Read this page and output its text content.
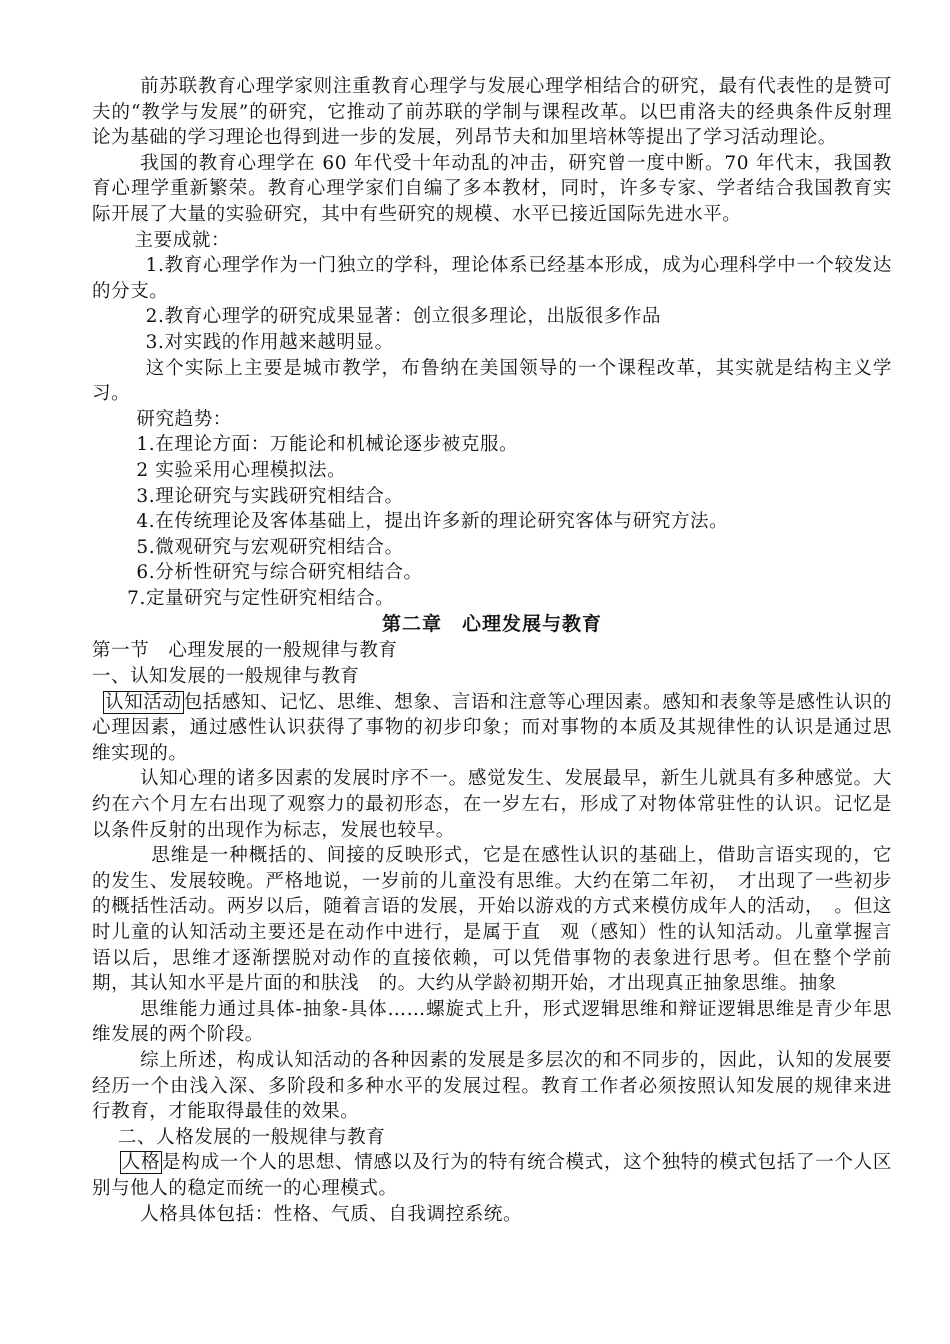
前苏联教育心理学家则注重教育心理学与发展心理学相结合的研究，最有代表性的是赞可夫的“教学与发展”的研究，它推动了前苏联的学制与课程改革。以巴甫洛夫的经典条件反射理论为基础的学习理论也得到进一步的发展，列昂节夫和加里培林等提出了学习活动理论。

我国的教育心理学在 60 年代受十年动乱的冲击，研究曾一度中断。70 年代末，我国教育心理学重新繁荣。教育心理学家们自编了多本教材，同时，许多专家、学者结合我国教育实际开展了大量的实验研究，其中有些研究的规模、水平已接近国际先进水平。

主要成就：

1.教育心理学作为一门独立的学科，理论体系已经基本形成，成为心理科学中一个较发达的分支。

2.教育心理学的研究成果显著：创立很多理论，出版很多作品

3.对实践的作用越来越明显。

这个实际上主要是城市教学，布鲁纳在美国领导的一个课程改革，其实就是结构主义学习。

研究趋势：

1.在理论方面：万能论和机械论逐步被克服。

2 实验采用心理模拟法。

3.理论研究与实践研究相结合。

4.在传统理论及客体基础上，提出许多新的理论研究客体与研究方法。

5.微观研究与宏观研究相结合。

6.分析性研究与综合研究相结合。

7.定量研究与定性研究相结合。

第二章　心理发展与教育

第一节　心理发展的一般规律与教育

一、认知发展的一般规律与教育

认知活动 包括感知、记忆、思维、想象、言语和注意等心理因素。感知和表象等是感性认识的心理因素，通过感性认识获得了事物的初步印象；而对事物的本质及其规律性的认识是通过思维实现的。

认知心理的诸多因素的发展时序不一。感觉发生、发展最早，新生儿就具有多种感觉。大约在六个月左右出现了观察力的最初形态，在一岁左右，形成了对物体常驻性的认识。记忆是以条件反射的出现作为标志，发展也较早。

思维是一种概括的、间接的反映形式，它是在感性认识的基础上，借助言语实现的，它的发生、发展较晚。严格地说，一岁前的儿童没有思维。大约在第二年初，　才出现了一些初步的概括性活动。两岁以后，随着言语的发展，开始以游戏的方式来模仿成年人的活动，　。但这时儿童的认知活动主要还是在动作中进行，是属于直　观（感知）性的认知活动。儿童掌握言语以后，思维才逐渐摆脱对动作的直接依赖，可以凭借事物的表象进行思考。但在整个学前期，其认知水平是片面的和肤浅　的。大约从学龄初期开始，才出现真正抽象思维。抽象

思维能力通过具体-抽象-具体……螺旋式上升，形式逻辑思维和辩证逻辑思维是青少年思维发展的两个阶段。

综上所述，构成认知活动的各种因素的发展是多层次的和不同步的，因此，认知的发展要经历一个由浅入深、多阶段和多种水平的发展过程。教育工作者必须按照认知发展的规律来进行教育，才能取得最佳的效果。

二、人格发展的一般规律与教育

人格 是构成一个人的思想、情感以及行为的特有统合模式，这个独特的模式包括了一个人区别与他人的稳定而统一的心理模式。

人格具体包括：性格、气质、自我调控系统。
